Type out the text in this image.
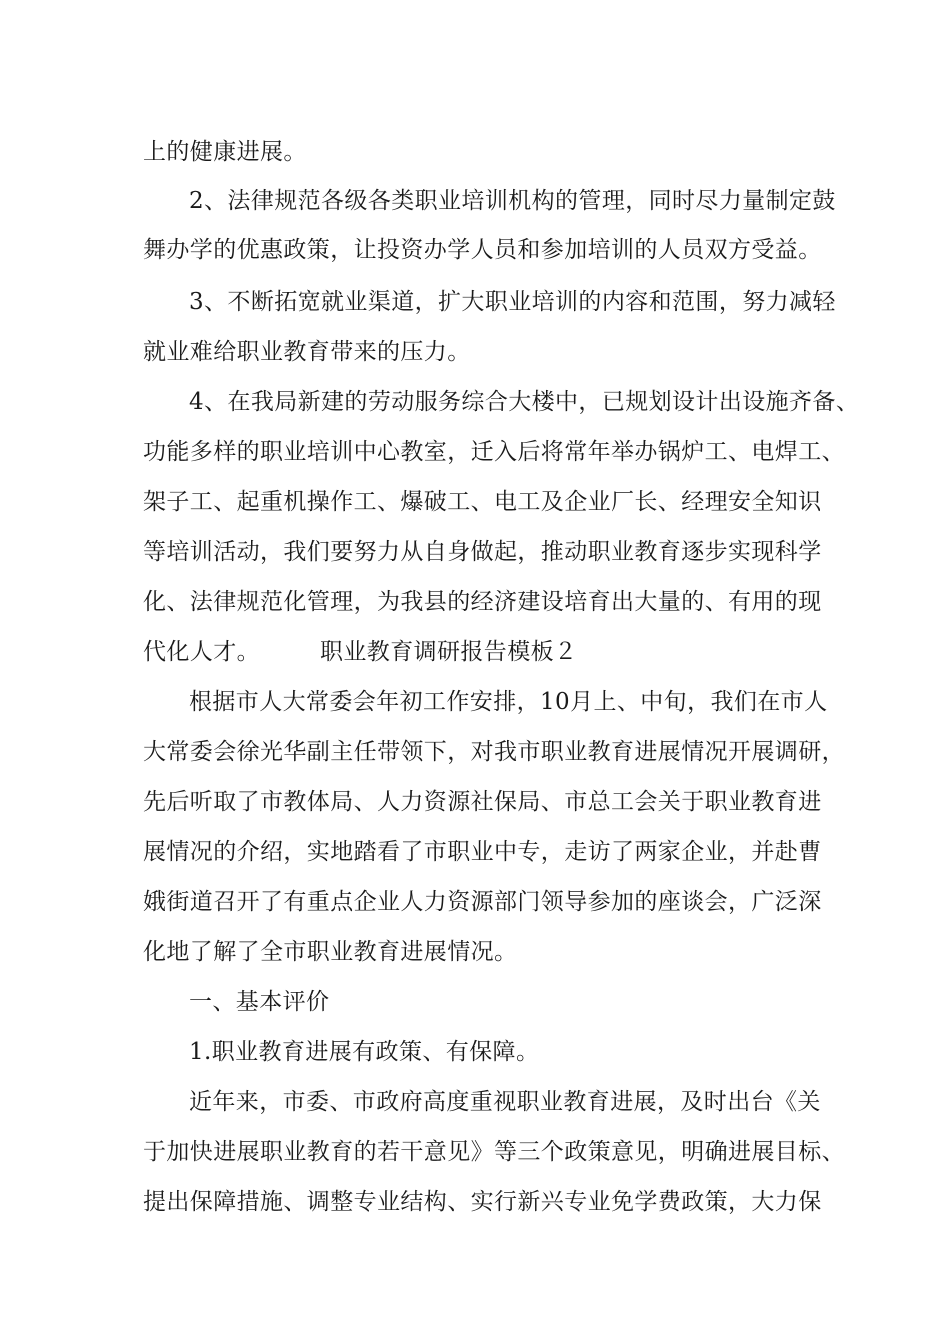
上的健康进展。
2、法律规范各级各类职业培训机构的管理，同时尽力量制定鼓
舞办学的优惠政策，让投资办学人员和参加培训的人员双方受益。
3、不断拓宽就业渠道，扩大职业培训的内容和范围，努力减轻
就业难给职业教育带来的压力。
4、在我局新建的劳动服务综合大楼中，已规划设计出设施齐备、
功能多样的职业培训中心教室，迁入后将常年举办锅炉工、电焊工、
架子工、起重机操作工、爆破工、电工及企业厂长、经理安全知识
等培训活动，我们要努力从自身做起，推动职业教育逐步实现科学
化、法律规范化管理，为我县的经济建设培育出大量的、有用的现
代化人才。	职业教育调研报告模板２
根据市人大常委会年初工作安排，10月上、中旬，我们在市人
大常委会徐光华副主任带领下，对我市职业教育进展情况开展调研，
先后听取了市教体局、人力资源社保局、市总工会关于职业教育进
展情况的介绍，实地踏看了市职业中专，走访了两家企业，并赴曹
娥街道召开了有重点企业人力资源部门领导参加的座谈会，广泛深
化地了解了全市职业教育进展情况。
一、基本评价
1.职业教育进展有政策、有保障。
近年来，市委、市政府高度重视职业教育进展，及时出台《关
于加快进展职业教育的若干意见》等三个政策意见，明确进展目标、
提出保障措施、调整专业结构、实行新兴专业免学费政策，大力保
